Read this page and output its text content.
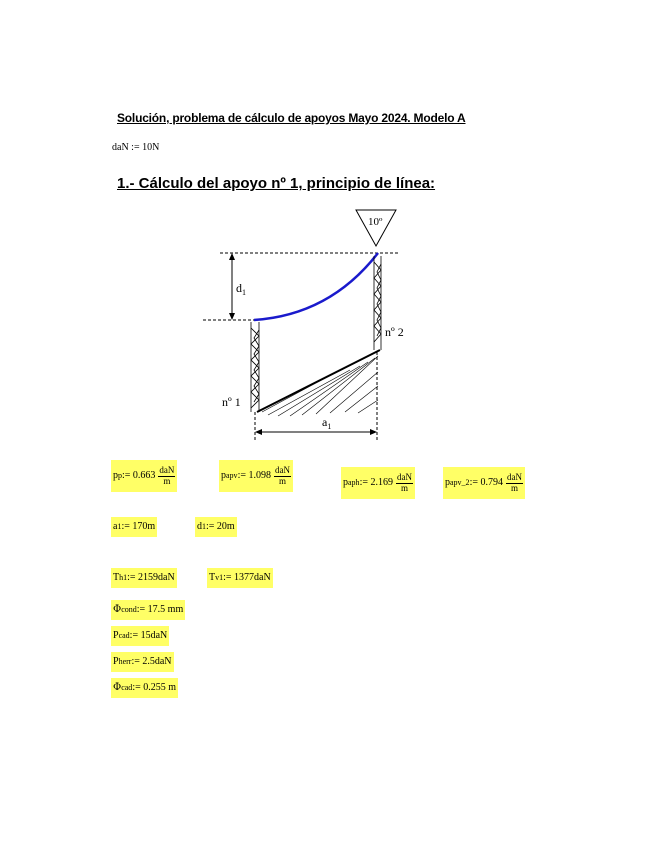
Solución, problema de cálculo de apoyos Mayo 2024. Modelo A
daN := 10N
1.- Cálculo del apoyo nº 1, principio de línea:
10º
$d_1$
$a_1$
nº 1
nº 2
p p := $0.663 \frac{\text{daN}}{m}$	p apv := $1.098 \frac{\text{daN}}{m}$	p aph := $2.169 \frac{\text{daN}}{m}$	p apv_2 := $0.794 \frac{\text{daN}}{m}$
a 1 := 170m	d 1 := 20m
T h1 := 2159daN	T v1 := 1377daN
Φ cond := 17.5 mm
P cad := 15daN
P herr := 2.5daN
Φ cad := 0.255 m
